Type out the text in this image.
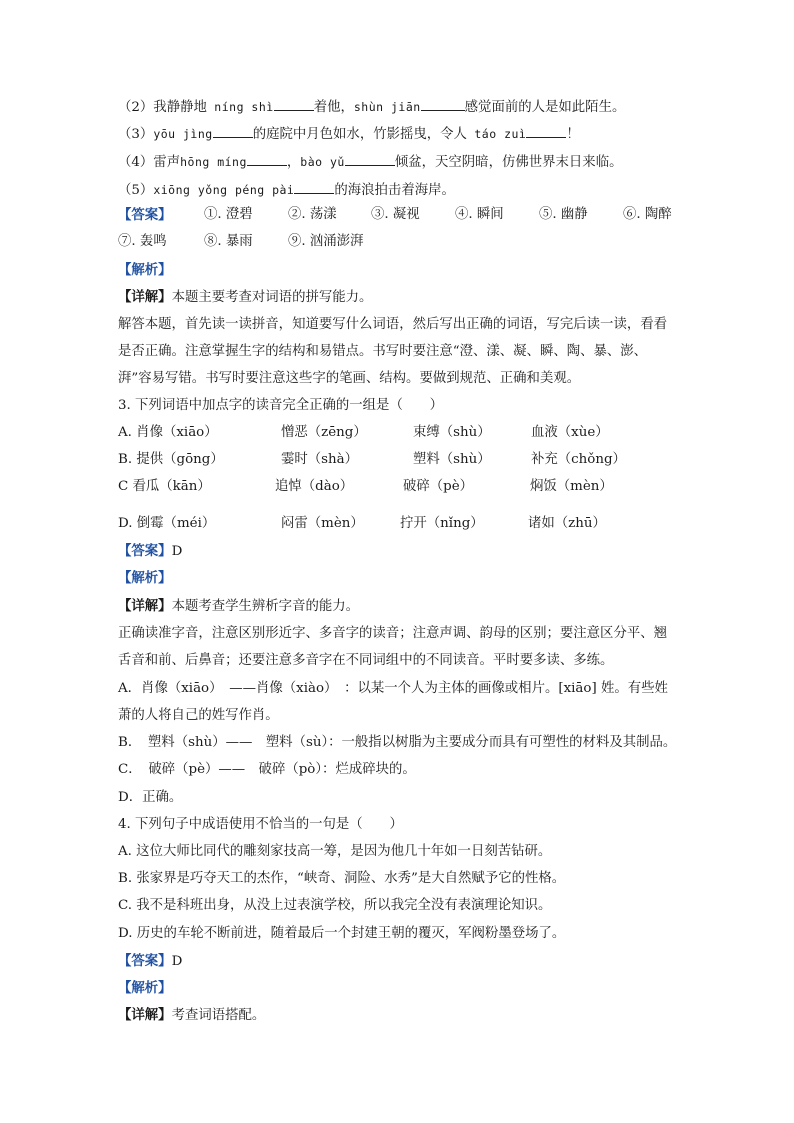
（2）我静静地 níng shì	着他，shùn jiān	感觉面前的人是如此陌生。
（3）yōu jìng	的庭院中月色如水，竹影摇曳，令人 táo zuì	！
（4）雷声hōng míng	，bào yǔ	倾盆，天空阴暗，仿佛世界末日来临。
（5）xiōng yǒng péng pài	的海浪拍击着海岸。
【答案】 ①. 澄碧	②. 荡漾	③. 凝视	④. 瞬间	⑤. 幽静	⑥. 陶醉
⑦. 轰鸣	⑧. 暴雨	⑨. 汹涌澎湃
【解析】
【详解】本题主要考查对词语的拼写能力。
解答本题，首先读一读拼音，知道要写什么词语，然后写出正确的词语，写完后读一读，看看是否正确。注意掌握生字的结构和易错点。书写时要注意“澄、漾、凝、瞬、陶、暴、澎、湃”容易写错。书写时要注意这些字的笔画、结构。要做到规范、正确和美观。
3. 下列词语中加点字的读音完全正确的一组是（　　）
A. 肖像（xiāo）	憎恶（zēng）	束缚（shù）	血液（xùe）
B. 提供（gōng）	霎时（shà）	塑料（shù）	补充（chǒng）
C 看瓜（kān）	追悼（dào）	破碎（pè）	焖饭（mèn）
D. 倒霉（méi）	闷雷（mèn）	拧开（nǐng）	诸如（zhū）
【答案】D
【解析】
【详解】本题考查学生辨析字音的能力。
正确读准字音，注意区别形近字、多音字的读音；注意声调、韵母的区别；要注意区分平、翘舌音和前、后鼻音；还要注意多音字在不同词组中的不同读音。平时要多读、多练。
A．肖像（xiāo）　——肖像（xiào）　：以某一个人为主体的画像或相片。[xiāo] 姓。有些姓萧的人将自己的姓写作肖。
B．　塑料（shù）——　塑料（sù）：一般指以树脂为主要成分而具有可塑性的材料及其制品。
C．　破碎（pè）——　破碎（pò）：烂成碎块的。
D．正确。
4. 下列句子中成语使用不恰当的一句是（　　）
A. 这位大师比同代的雕刻家技高一筹，是因为他几十年如一日刻苦钻研。
B. 张家界是巧夺天工的杰作，“峡奇、洞险、水秀”是大自然赋予它的性格。
C. 我不是科班出身，从没上过表演学校，所以我完全没有表演理论知识。
D. 历史的车轮不断前进，随着最后一个封建王朝的覆灭，军阀粉墨登场了。
【答案】D
【解析】
【详解】考查词语搭配。
